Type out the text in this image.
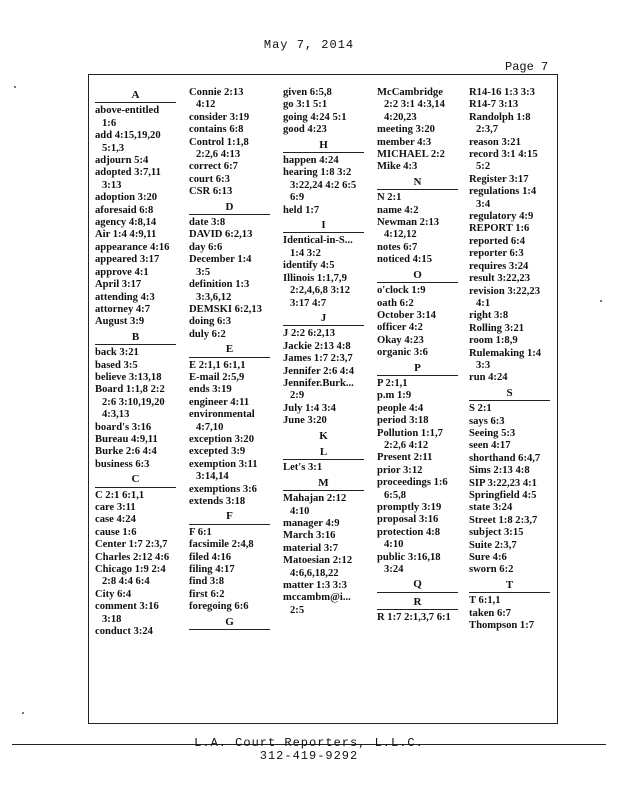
May 7, 2014
Page 7
A
above-entitled
1:6
add 4:15,19,20
5:1,3
adjourn 5:4
adopted 3:7,11
3:13
adoption 3:20
aforesaid 6:8
agency 4:8,14
Air 1:4 4:9,11
appearance 4:16
appeared 3:17
approve 4:1
April 3:17
attending 4:3
attorney 4:7
August 3:9
B
back 3:21
based 3:5
believe 3:13,18
Board 1:1,8 2:2
2:6 3:10,19,20
4:3,13
board's 3:16
Bureau 4:9,11
Burke 2:6 4:4
business 6:3
C
C 2:1 6:1,1
care 3:11
case 4:24
cause 1:6
Center 1:7 2:3,7
Charles 2:12 4:6
Chicago 1:9 2:4
2:8 4:4 6:4
City 6:4
comment 3:16
3:18
conduct 3:24
Connie 2:13
4:12
consider 3:19
contains 6:8
Control 1:1,8
2:2,6 4:13
correct 6:7
court 6:3
CSR 6:13
D
date 3:8
DAVID 6:2,13
day 6:6
December 1:4
3:5
definition 1:3
3:3,6,12
DEMSKI 6:2,13
doing 6:3
duly 6:2
E
E 2:1,1 6:1,1
E-mail 2:5,9
ends 3:19
engineer 4:11
environmental
4:7,10
exception 3:20
excepted 3:9
exemption 3:11
3:14,14
exemptions 3:6
extends 3:18
F
F 6:1
facsimile 2:4,8
filed 4:16
filing 4:17
find 3:8
first 6:2
foregoing 6:6
G
given 6:5,8
go 3:1 5:1
going 4:24 5:1
good 4:23
H
happen 4:24
hearing 1:8 3:2
3:22,24 4:2 6:5
6:9
held 1:7
I
Identical-in-S...
1:4 3:2
identify 4:5
Illinois 1:1,7,9
2:2,4,6,8 3:12
3:17 4:7
J
J 2:2 6:2,13
Jackie 2:13 4:8
James 1:7 2:3,7
Jennifer 2:6 4:4
Jennifer.Burk...
2:9
July 1:4 3:4
June 3:20
K
L
Let's 3:1
M
Mahajan 2:12
4:10
manager 4:9
March 3:16
material 3:7
Matoesian 2:12
4:6,6,18,22
matter 1:3 3:3
mccambm@i...
2:5
McCambridge
2:2 3:1 4:3,14
4:20,23
meeting 3:20
member 4:3
MICHAEL 2:2
Mike 4:3
N
N 2:1
name 4:2
Newman 2:13
4:12,12
notes 6:7
noticed 4:15
O
o'clock 1:9
oath 6:2
October 3:14
officer 4:2
Okay 4:23
organic 3:6
P
P 2:1,1
p.m 1:9
people 4:4
period 3:18
Pollution 1:1,7
2:2,6 4:12
Present 2:11
prior 3:12
proceedings 1:6
6:5,8
promptly 3:19
proposal 3:16
protection 4:8
4:10
public 3:16,18
3:24
Q
R
R 1:7 2:1,3,7 6:1
R14-16 1:3 3:3
R14-7 3:13
Randolph 1:8
2:3,7
reason 3:21
record 3:1 4:15
5:2
Register 3:17
regulations 1:4
3:4
regulatory 4:9
REPORT 1:6
reported 6:4
reporter 6:3
requires 3:24
result 3:22,23
revision 3:22,23
4:1
right 3:8
Rolling 3:21
room 1:8,9
Rulemaking 1:4
3:3
run 4:24
S
S 2:1
says 6:3
Seeing 5:3
seen 4:17
shorthand 6:4,7
Sims 2:13 4:8
SIP 3:22,23 4:1
Springfield 4:5
state 3:24
Street 1:8 2:3,7
subject 3:15
Suite 2:3,7
Sure 4:6
sworn 6:2
T
T 6:1,1
taken 6:7
Thompson 1:7
L.A. Court Reporters, L.L.C.
312-419-9292
